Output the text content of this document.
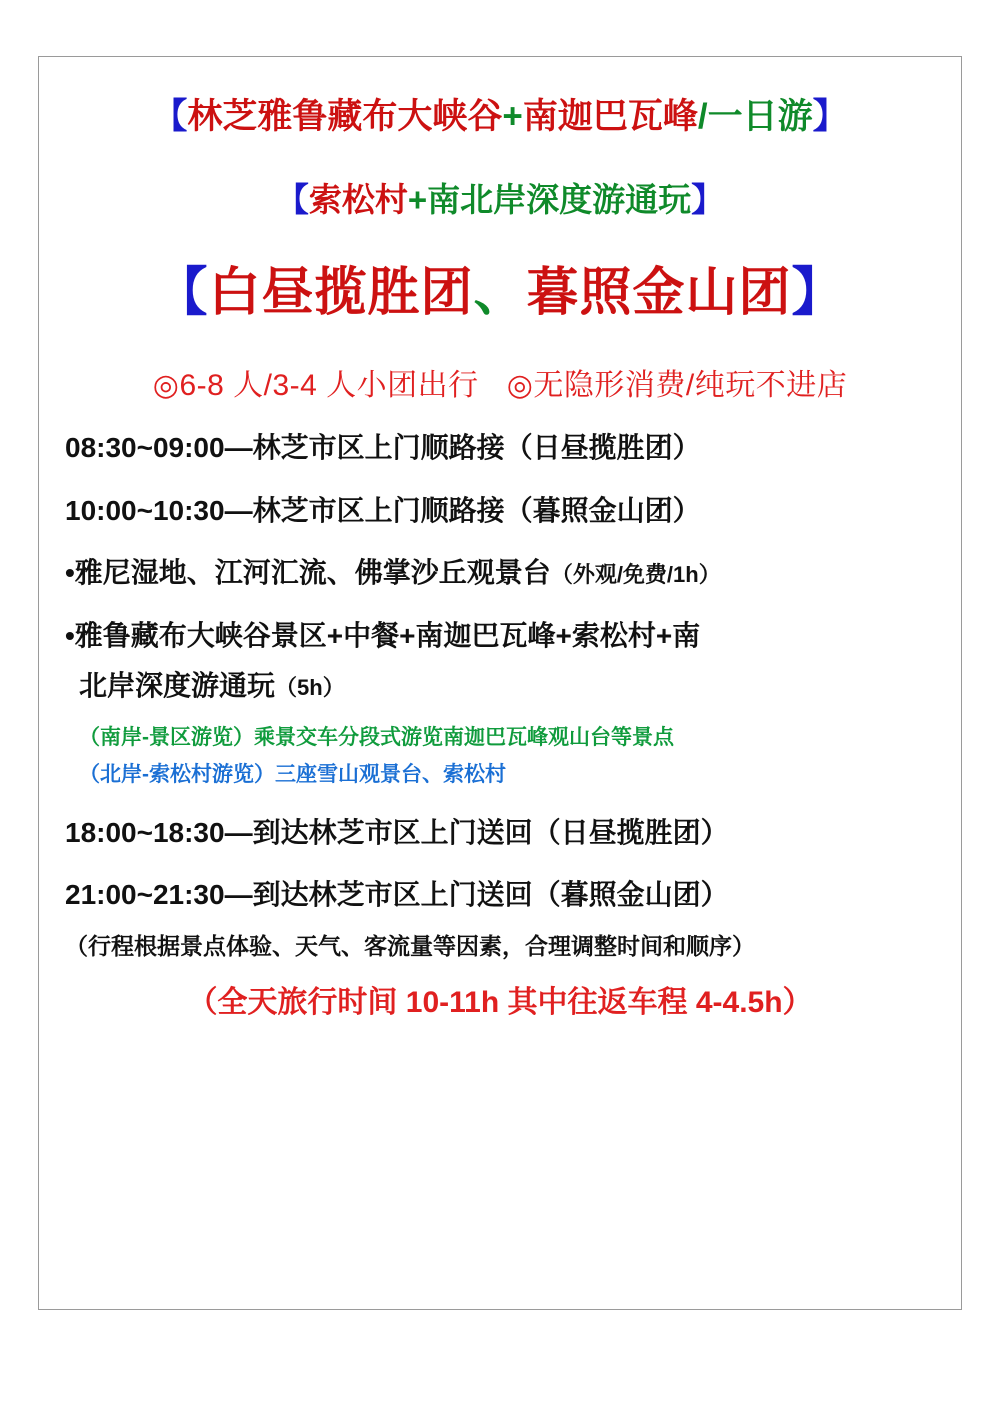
【林芝雅鲁藏布大峡谷+南迦巴瓦峰/一日游】
【索松村+南北岸深度游通玩】
【白昼揽胜团、暮照金山团】
◎6-8 人/3-4 人小团出行 ◎无隐形消费/纯玩不进店
08:30~09:00—林芝市区上门顺路接（日昼揽胜团）
10:00~10:30—林芝市区上门顺路接（暮照金山团）
•雅尼湿地、江河汇流、佛掌沙丘观景台（外观/免费/1h）
•雅鲁藏布大峡谷景区+中餐+南迦巴瓦峰+索松村+南
北岸深度游通玩（5h）
（南岸-景区游览）乘景交车分段式游览南迦巴瓦峰观山台等景点
（北岸-索松村游览）三座雪山观景台、索松村
18:00~18:30—到达林芝市区上门送回（日昼揽胜团）
21:00~21:30—到达林芝市区上门送回（暮照金山团）
（行程根据景点体验、天气、客流量等因素，合理调整时间和顺序）
（全天旅行时间 10-11h 其中往返车程 4-4.5h）
